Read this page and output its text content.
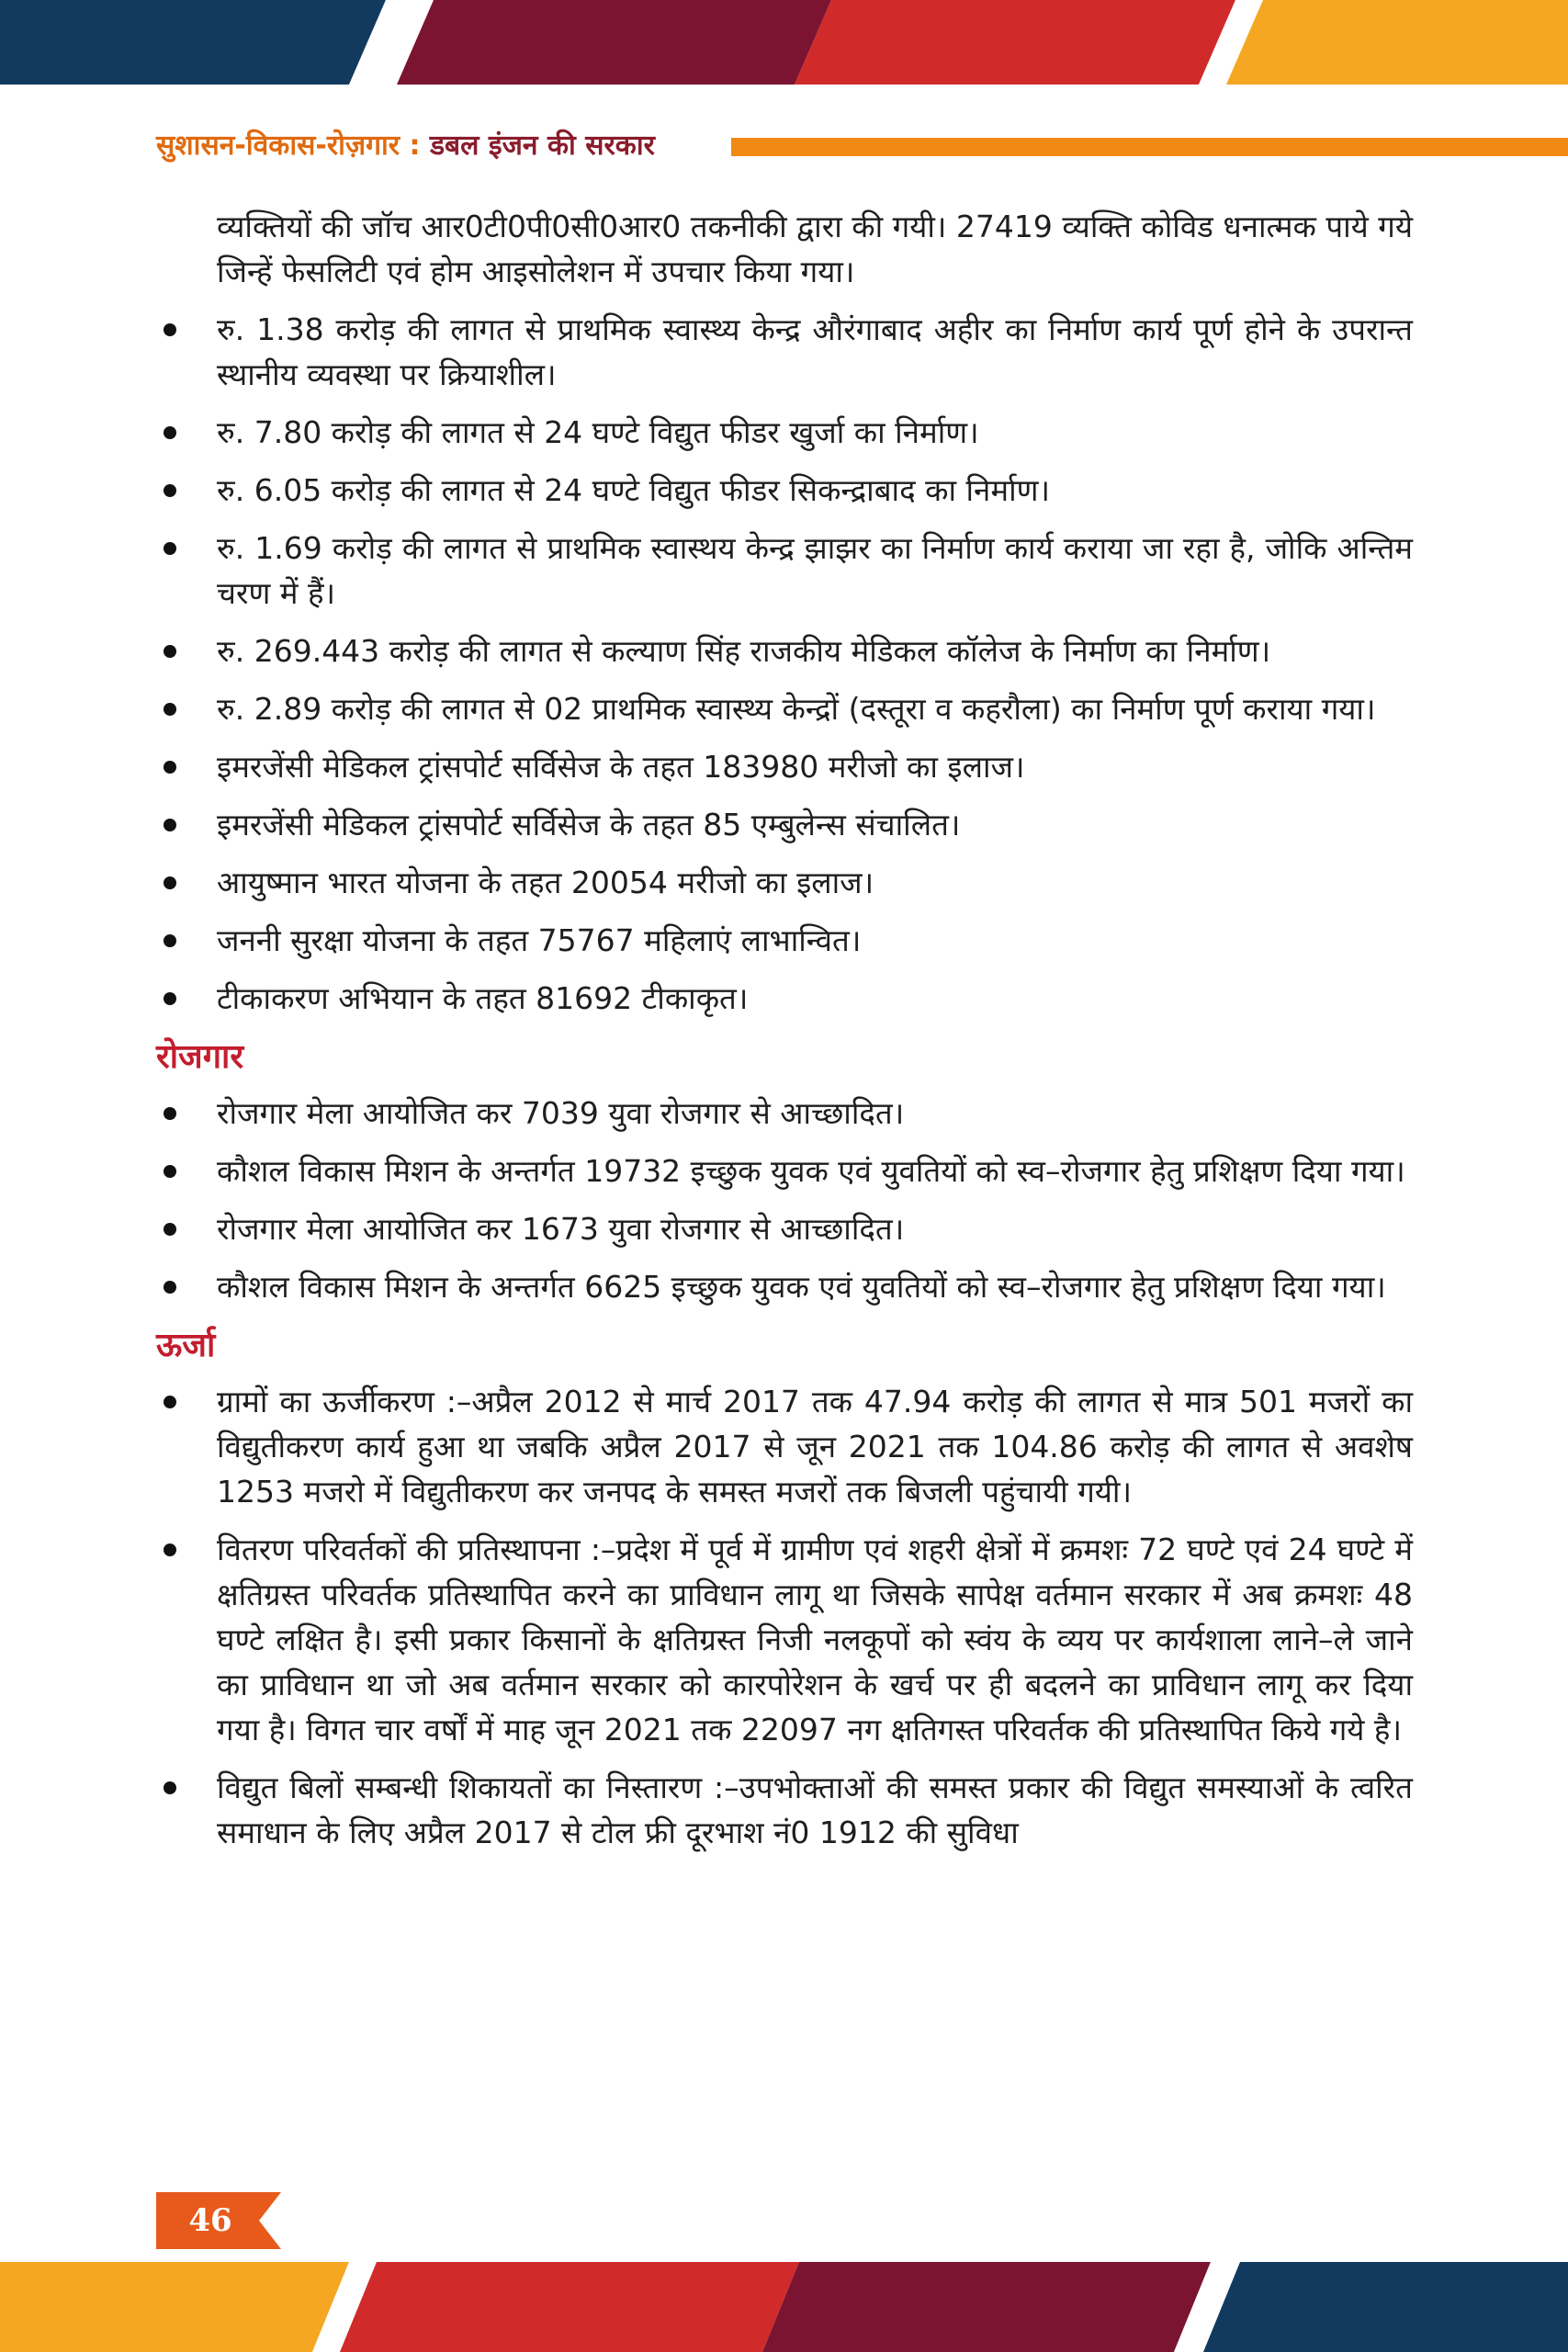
सुशासन-विकास-रोज़गार : डबल इंजन की सरकार
व्यक्तियों की जॉच आर0टी0पी0सी0आर0 तकनीकी द्वारा की गयी। 27419 व्यक्ति कोविड धनात्मक पाये गये जिन्हें फेसलिटी एवं होम आइसोलेशन में उपचार किया गया।
रु. 1.38 करोड़ की लागत से प्राथमिक स्वास्थ्य केन्द्र औरंगाबाद अहीर का निर्माण कार्य पूर्ण होने के उपरान्त स्थानीय व्यवस्था पर क्रियाशील।
रु. 7.80 करोड़ की लागत से 24 घण्टे विद्युत फीडर खुर्जा का निर्माण।
रु. 6.05 करोड़ की लागत से 24 घण्टे विद्युत फीडर सिकन्द्राबाद का निर्माण।
रु. 1.69 करोड़ की लागत से प्राथमिक स्वास्थय केन्द्र झाझर का निर्माण कार्य कराया जा रहा है, जोकि अन्तिम चरण में हैं।
रु. 269.443 करोड़ की लागत से कल्याण सिंह राजकीय मेडिकल कॉलेज के निर्माण का निर्माण।
रु. 2.89 करोड़ की लागत से 02 प्राथमिक स्वास्थ्य केन्द्रों (दस्तूरा व कहरौला) का निर्माण पूर्ण कराया गया।
इमरजेंसी मेडिकल ट्रांसपोर्ट सर्विसेज के तहत 183980 मरीजो का इलाज।
इमरजेंसी मेडिकल ट्रांसपोर्ट सर्विसेज के तहत 85 एम्बुलेन्स संचालित।
आयुष्मान भारत योजना के तहत 20054 मरीजो का इलाज।
जननी सुरक्षा योजना के तहत 75767 महिलाएं लाभान्वित।
टीकाकरण अभियान के तहत 81692 टीकाकृत।
रोजगार
रोजगार मेला आयोजित कर 7039 युवा रोजगार से आच्छादित।
कौशल विकास मिशन के अन्तर्गत 19732 इच्छुक युवक एवं युवतियों को स्व–रोजगार हेतु प्रशिक्षण दिया गया।
रोजगार मेला आयोजित कर 1673 युवा रोजगार से आच्छादित।
कौशल विकास मिशन के अन्तर्गत 6625 इच्छुक युवक एवं युवतियों को स्व–रोजगार हेतु प्रशिक्षण दिया गया।
ऊर्जा
ग्रामों का ऊर्जीकरण :–अप्रैल 2012 से मार्च 2017 तक 47.94 करोड़ की लागत से मात्र 501 मजरों का विद्युतीकरण कार्य हुआ था जबकि अप्रैल 2017 से जून 2021 तक 104.86 करोड़ की लागत से अवशेष 1253 मजरो में विद्युतीकरण कर जनपद के समस्त मजरों तक बिजली पहुंचायी गयी।
वितरण परिवर्तकों की प्रतिस्थापना :–प्रदेश में पूर्व में ग्रामीण एवं शहरी क्षेत्रों में क्रमशः 72 घण्टे एवं 24 घण्टे में क्षतिग्रस्त परिवर्तक प्रतिस्थापित करने का प्राविधान लागू था जिसके सापेक्ष वर्तमान सरकार में अब क्रमशः 48 घण्टे लक्षित है। इसी प्रकार किसानों के क्षतिग्रस्त निजी नलकूपों को स्वंय के व्यय पर कार्यशाला लाने–ले जाने का प्राविधान था जो अब वर्तमान सरकार को कारपोरेशन के खर्च पर ही बदलने का प्राविधान लागू कर दिया गया है। विगत चार वर्षों में माह जून 2021 तक 22097 नग क्षतिगस्त परिवर्तक की प्रतिस्थापित किये गये है।
विद्युत बिलों सम्बन्धी शिकायतों का निस्तारण :–उपभोक्ताओं की समस्त प्रकार की विद्युत समस्याओं के त्वरित समाधान के लिए अप्रैल 2017 से टोल फ्री दूरभाश नं0 1912 की सुविधा
46
